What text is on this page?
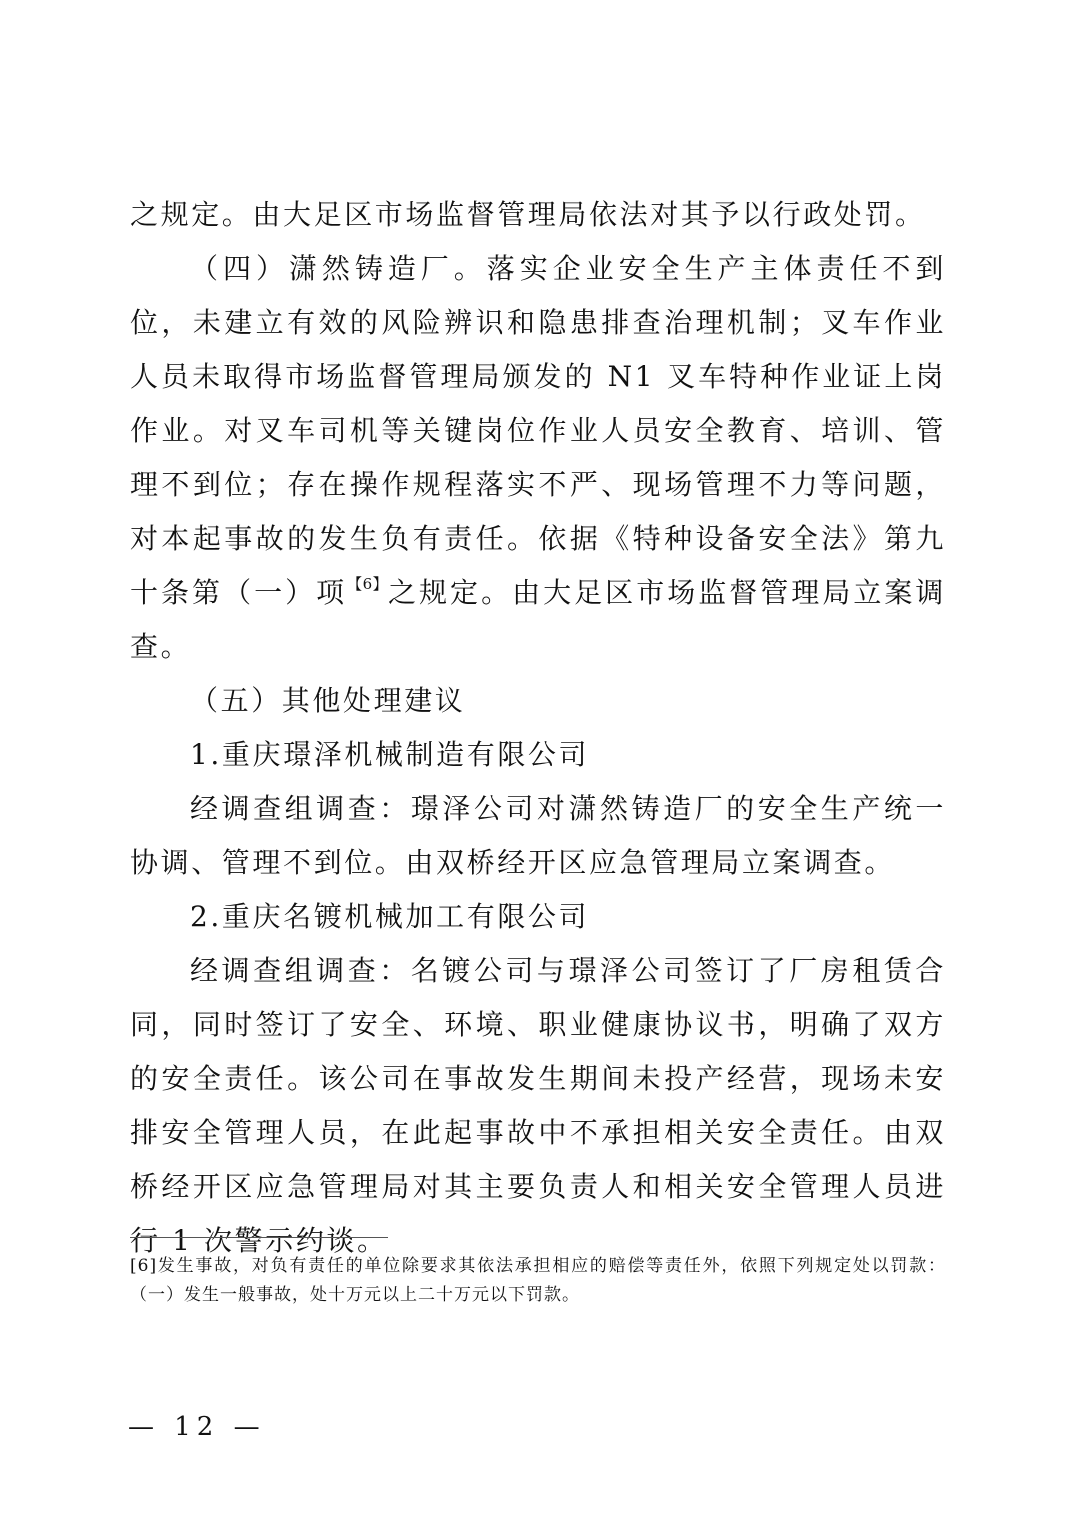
之规定。由大足区市场监督管理局依法对其予以行政处罚。

（四）潇然铸造厂。落实企业安全生产主体责任不到位，未建立有效的风险辨识和隐患排查治理机制；叉车作业人员未取得市场监督管理局颁发的 N1 叉车特种作业证上岗作业。对叉车司机等关键岗位作业人员安全教育、培训、管理不到位；存在操作规程落实不严、现场管理不力等问题，对本起事故的发生负有责任。依据《特种设备安全法》第九十条第（一）项$^{【6】}$之规定。由大足区市场监督管理局立案调查。

（五）其他处理建议

1.重庆璟泽机械制造有限公司

经调查组调查：璟泽公司对潇然铸造厂的安全生产统一协调、管理不到位。由双桥经开区应急管理局立案调查。

2.重庆名镀机械加工有限公司

经调查组调查：名镀公司与璟泽公司签订了厂房租赁合同，同时签订了安全、环境、职业健康协议书，明确了双方的安全责任。该公司在事故发生期间未投产经营，现场未安排安全管理人员，在此起事故中不承担相关安全责任。由双桥经开区应急管理局对其主要负责人和相关安全管理人员进行 1 次警示约谈。

[6]发生事故，对负有责任的单位除要求其依法承担相应的赔偿等责任外，依照下列规定处以罚款：（一）发生一般事故，处十万元以上二十万元以下罚款。

— 12 —
